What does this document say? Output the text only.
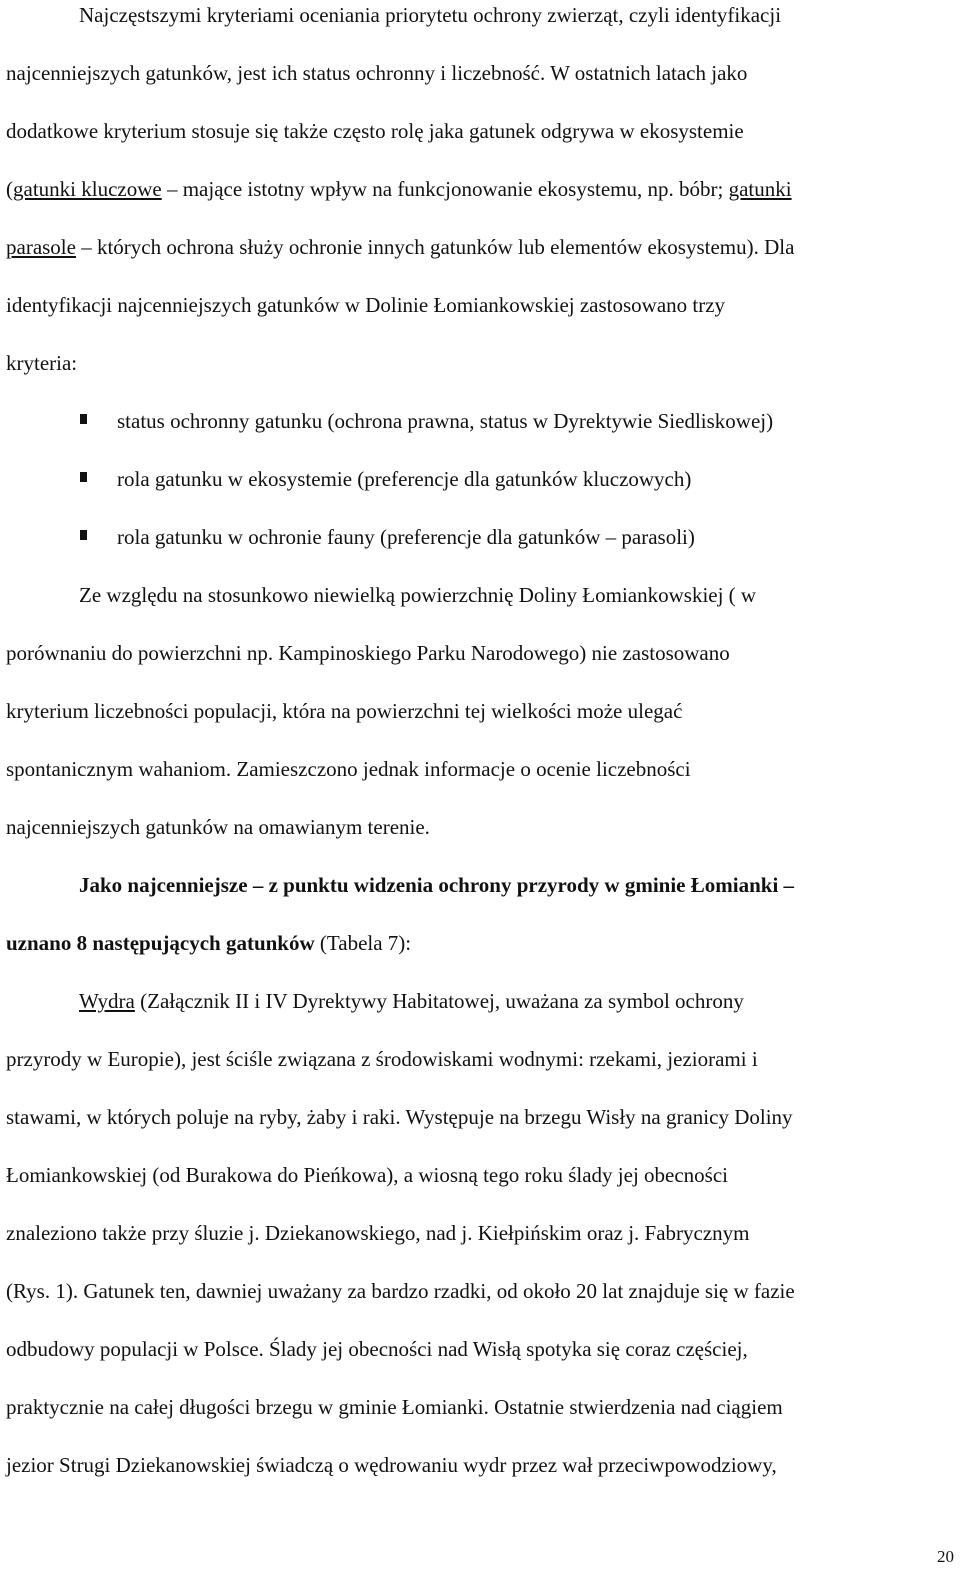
Najczęstszymi kryteriami oceniania priorytetu ochrony zwierząt, czyli identyfikacji
najcenniejszych gatunków, jest ich status ochronny i liczebność. W ostatnich latach jako
dodatkowe kryterium stosuje się także często rolę jaka gatunek odgrywa w ekosystemie
(gatunki kluczowe – mające istotny wpływ na funkcjonowanie ekosystemu, np. bóbr; gatunki
parasole – których ochrona służy ochronie innych gatunków lub elementów ekosystemu). Dla
identyfikacji najcenniejszych gatunków w Dolinie Łomiankowskiej zastosowano trzy
kryteria:
status ochronny gatunku (ochrona prawna, status w Dyrektywie Siedliskowej)
rola gatunku w ekosystemie (preferencje dla gatunków kluczowych)
rola gatunku w ochronie fauny (preferencje dla gatunków – parasoli)
Ze względu na stosunkowo niewielką powierzchnię Doliny Łomiankowskiej ( w
porównaniu do powierzchni np. Kampinoskiego Parku Narodowego) nie zastosowano
kryterium liczebności populacji, która na powierzchni tej wielkości może ulegać
spontanicznym wahaniom. Zamieszczono jednak informacje o ocenie liczebności
najcenniejszych gatunków na omawianym terenie.
Jako najcenniejsze – z punktu widzenia ochrony przyrody w gminie Łomianki –
uznano 8 następujących gatunków (Tabela 7):
Wydra (Załącznik II i IV Dyrektywy Habitatowej, uważana za symbol ochrony
przyrody w Europie), jest ściśle związana z środowiskami wodnymi: rzekami, jeziorami i
stawami, w których poluje na ryby, żaby i raki. Występuje na brzegu Wisły na granicy Doliny
Łomiankowskiej (od Burakowa do Pieńkowa), a wiosną tego roku ślady jej obecności
znaleziono także przy śluzie j. Dziekanowskiego, nad j. Kiełpińskim oraz j. Fabrycznym
(Rys. 1). Gatunek ten, dawniej uważany za bardzo rzadki, od około 20 lat znajduje się w fazie
odbudowy populacji w Polsce. Ślady jej obecności nad Wisłą spotyka się coraz częściej,
praktycznie na całej długości brzegu w gminie Łomianki. Ostatnie stwierdzenia nad ciągiem
jezior Strugi Dziekanowskiej świadczą o wędrowaniu wydr przez wał przeciwpowodziowy,
20
